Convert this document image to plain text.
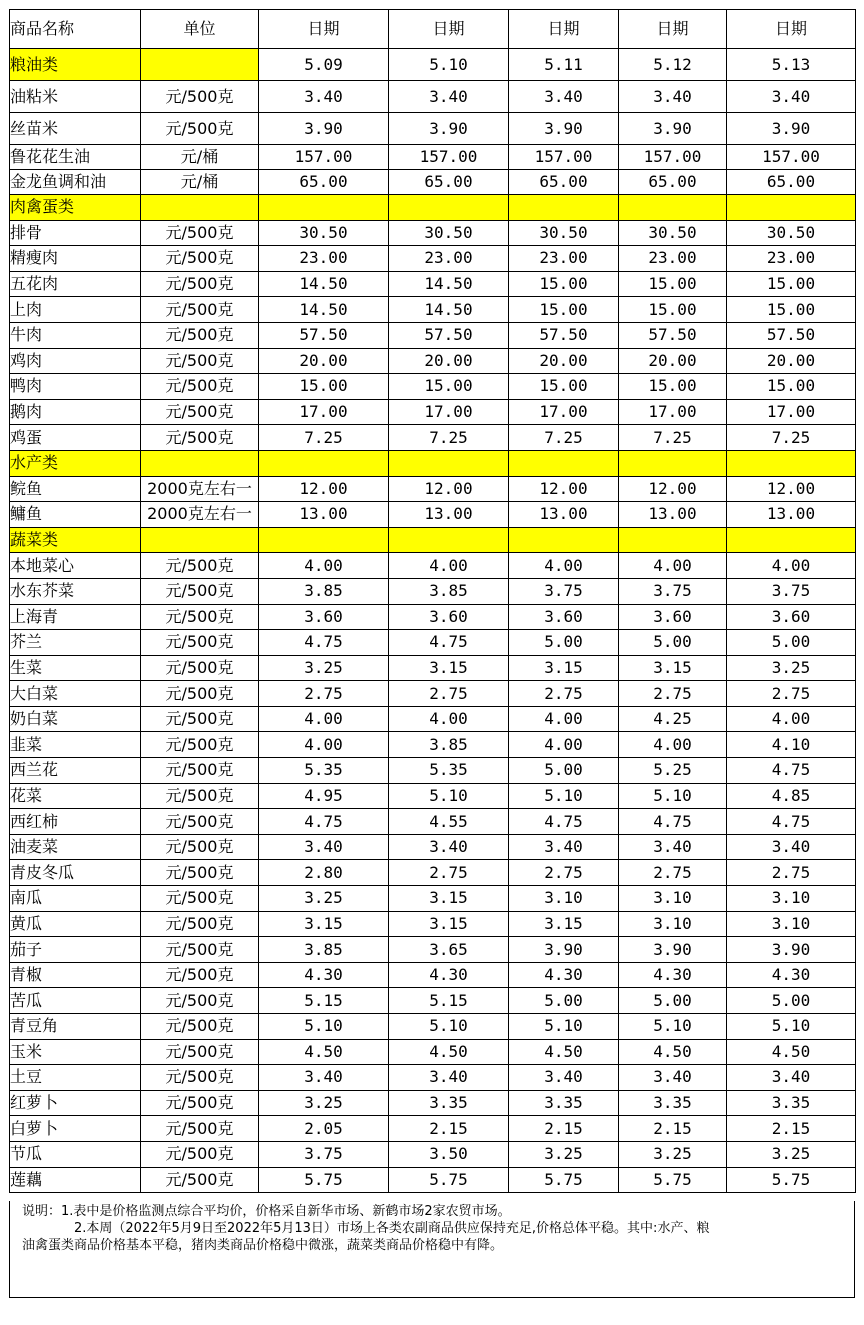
商品名称	单位	日期	日期	日期	日期	日期
粮油类		5.09	5.10	5.11	5.12	5.13
油粘米	元/500克	3.40	3.40	3.40	3.40	3.40
丝苗米	元/500克	3.90	3.90	3.90	3.90	3.90
鲁花花生油	元/桶	157.00	157.00	157.00	157.00	157.00
金龙鱼调和油	元/桶	65.00	65.00	65.00	65.00	65.00
肉禽蛋类						
排骨	元/500克	30.50	30.50	30.50	30.50	30.50
精瘦肉	元/500克	23.00	23.00	23.00	23.00	23.00
五花肉	元/500克	14.50	14.50	15.00	15.00	15.00
上肉	元/500克	14.50	14.50	15.00	15.00	15.00
牛肉	元/500克	57.50	57.50	57.50	57.50	57.50
鸡肉	元/500克	20.00	20.00	20.00	20.00	20.00
鸭肉	元/500克	15.00	15.00	15.00	15.00	15.00
鹅肉	元/500克	17.00	17.00	17.00	17.00	17.00
鸡蛋	元/500克	7.25	7.25	7.25	7.25	7.25
水产类						
鲩鱼	2000克左右一	12.00	12.00	12.00	12.00	12.00
鳙鱼	2000克左右一	13.00	13.00	13.00	13.00	13.00
蔬菜类						
本地菜心	元/500克	4.00	4.00	4.00	4.00	4.00
水东芥菜	元/500克	3.85	3.85	3.75	3.75	3.75
上海青	元/500克	3.60	3.60	3.60	3.60	3.60
芥兰	元/500克	4.75	4.75	5.00	5.00	5.00
生菜	元/500克	3.25	3.15	3.15	3.15	3.25
大白菜	元/500克	2.75	2.75	2.75	2.75	2.75
奶白菜	元/500克	4.00	4.00	4.00	4.25	4.00
韭菜	元/500克	4.00	3.85	4.00	4.00	4.10
西兰花	元/500克	5.35	5.35	5.00	5.25	4.75
花菜	元/500克	4.95	5.10	5.10	5.10	4.85
西红柿	元/500克	4.75	4.55	4.75	4.75	4.75
油麦菜	元/500克	3.40	3.40	3.40	3.40	3.40
青皮冬瓜	元/500克	2.80	2.75	2.75	2.75	2.75
南瓜	元/500克	3.25	3.15	3.10	3.10	3.10
黄瓜	元/500克	3.15	3.15	3.15	3.10	3.10
茄子	元/500克	3.85	3.65	3.90	3.90	3.90
青椒	元/500克	4.30	4.30	4.30	4.30	4.30
苦瓜	元/500克	5.15	5.15	5.00	5.00	5.00
青豆角	元/500克	5.10	5.10	5.10	5.10	5.10
玉米	元/500克	4.50	4.50	4.50	4.50	4.50
土豆	元/500克	3.40	3.40	3.40	3.40	3.40
红萝卜	元/500克	3.25	3.35	3.35	3.35	3.35
白萝卜	元/500克	2.05	2.15	2.15	2.15	2.15
节瓜	元/500克	3.75	3.50	3.25	3.25	3.25
莲藕	元/500克	5.75	5.75	5.75	5.75	5.75

说明：1.表中是价格监测点综合平均价，价格采自新华市场、新鹤市场2家农贸市场。

2.本周（2022年5月9日至2022年5月13日）市场上各类农副商品供应保持充足,价格总体平稳。其中:水产、粮

油禽蛋类商品价格基本平稳，猪肉类商品价格稳中微涨，蔬菜类商品价格稳中有降。
